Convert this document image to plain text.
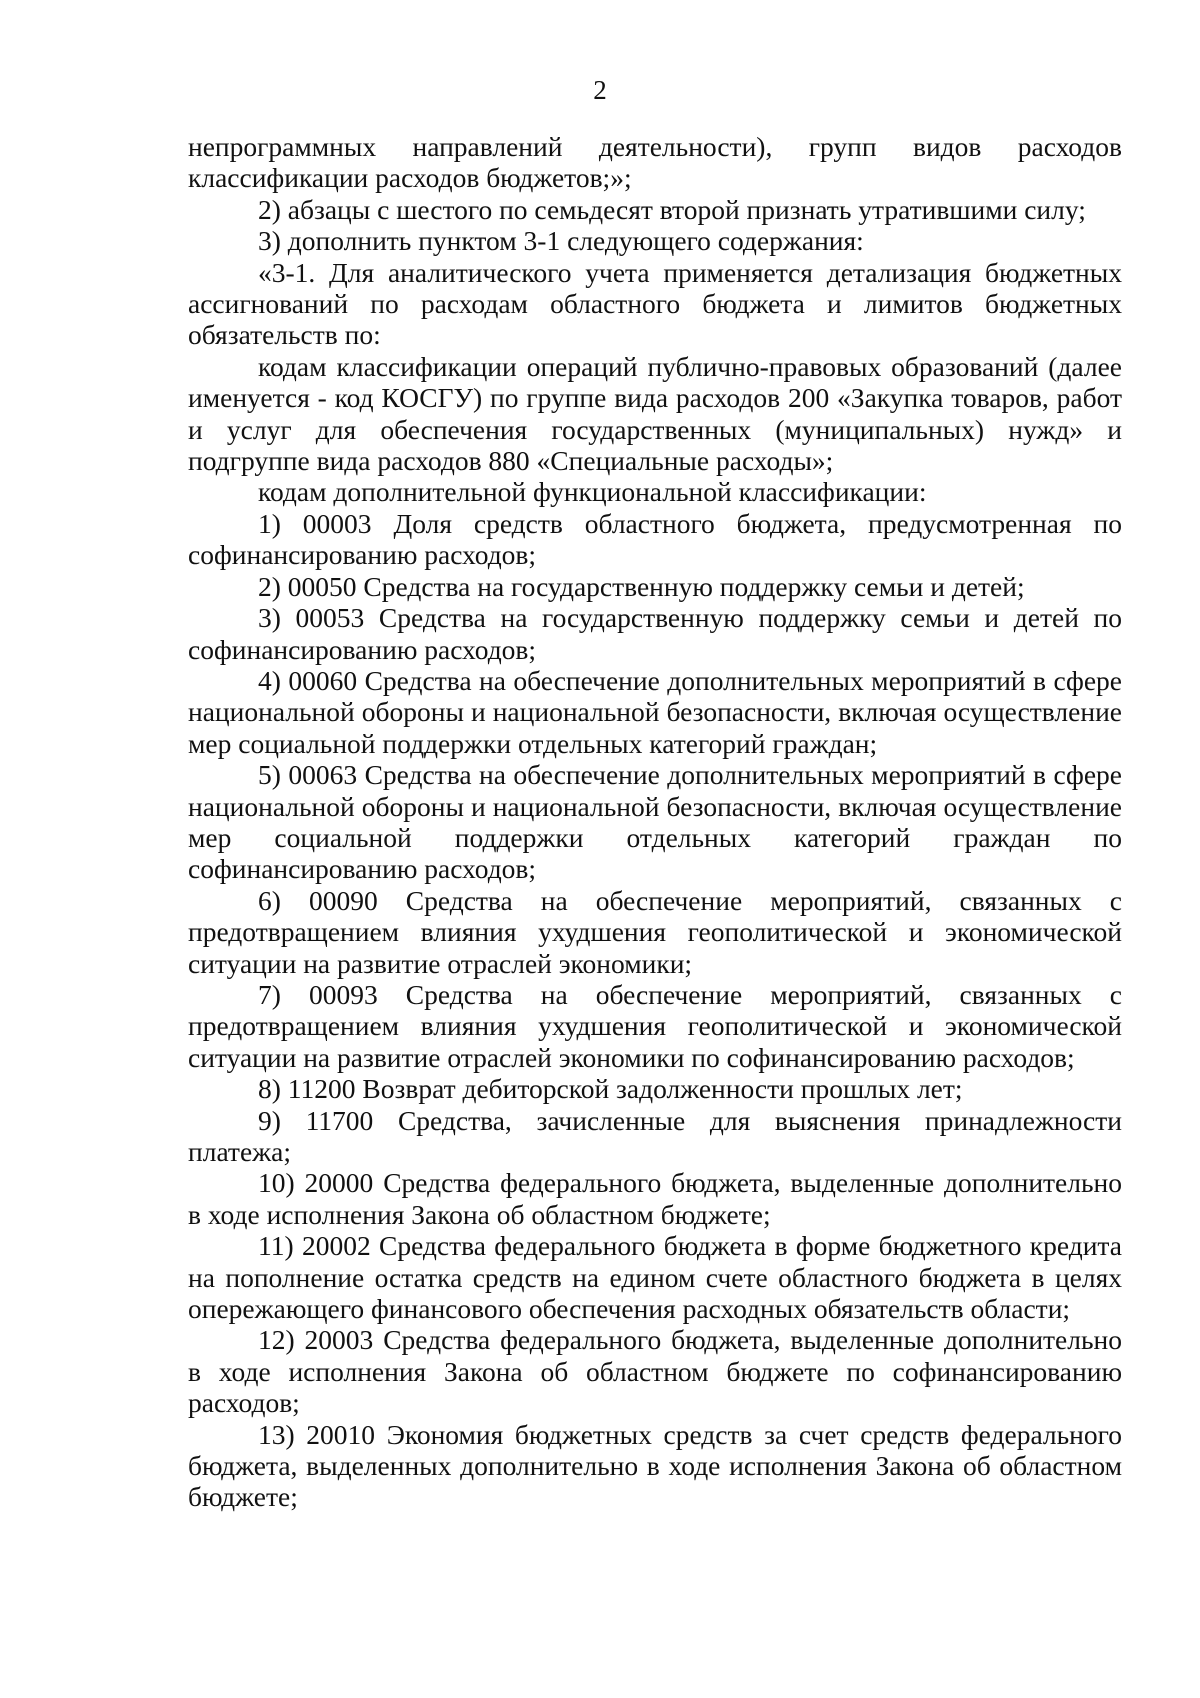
2

непрограммных направлений деятельности), групп видов расходов классификации расходов бюджетов;»;

2) абзацы с шестого по семьдесят второй признать утратившими силу;

3) дополнить пунктом 3-1 следующего содержания:

«3-1. Для аналитического учета применяется детализация бюджетных ассигнований по расходам областного бюджета и лимитов бюджетных обязательств по:

кодам классификации операций публично-правовых образований (далее именуется - код КОСГУ) по группе вида расходов 200 «Закупка товаров, работ и услуг для обеспечения государственных (муниципальных) нужд» и подгруппе вида расходов 880 «Специальные расходы»;

кодам дополнительной функциональной классификации:

1) 00003 Доля средств областного бюджета, предусмотренная по софинансированию расходов;

2) 00050 Средства на государственную поддержку семьи и детей;

3) 00053 Средства на государственную поддержку семьи и детей по софинансированию расходов;

4) 00060 Средства на обеспечение дополнительных мероприятий в сфере национальной обороны и национальной безопасности, включая осуществление мер социальной поддержки отдельных категорий граждан;

5) 00063 Средства на обеспечение дополнительных мероприятий в сфере национальной обороны и национальной безопасности, включая осуществление мер социальной поддержки отдельных категорий граждан по софинансированию расходов;

6) 00090 Средства на обеспечение мероприятий, связанных с предотвращением влияния ухудшения геополитической и экономической ситуации на развитие отраслей экономики;

7) 00093 Средства на обеспечение мероприятий, связанных с предотвращением влияния ухудшения геополитической и экономической ситуации на развитие отраслей экономики по софинансированию расходов;

8) 11200 Возврат дебиторской задолженности прошлых лет;

9) 11700 Средства, зачисленные для выяснения принадлежности платежа;

10) 20000 Средства федерального бюджета, выделенные дополнительно в ходе исполнения Закона об областном бюджете;

11) 20002 Средства федерального бюджета в форме бюджетного кредита на пополнение остатка средств на едином счете областного бюджета в целях опережающего финансового обеспечения расходных обязательств области;

12) 20003 Средства федерального бюджета, выделенные дополнительно в ходе исполнения Закона об областном бюджете по софинансированию расходов;

13) 20010 Экономия бюджетных средств за счет средств федерального бюджета, выделенных дополнительно в ходе исполнения Закона об областном бюджете;
